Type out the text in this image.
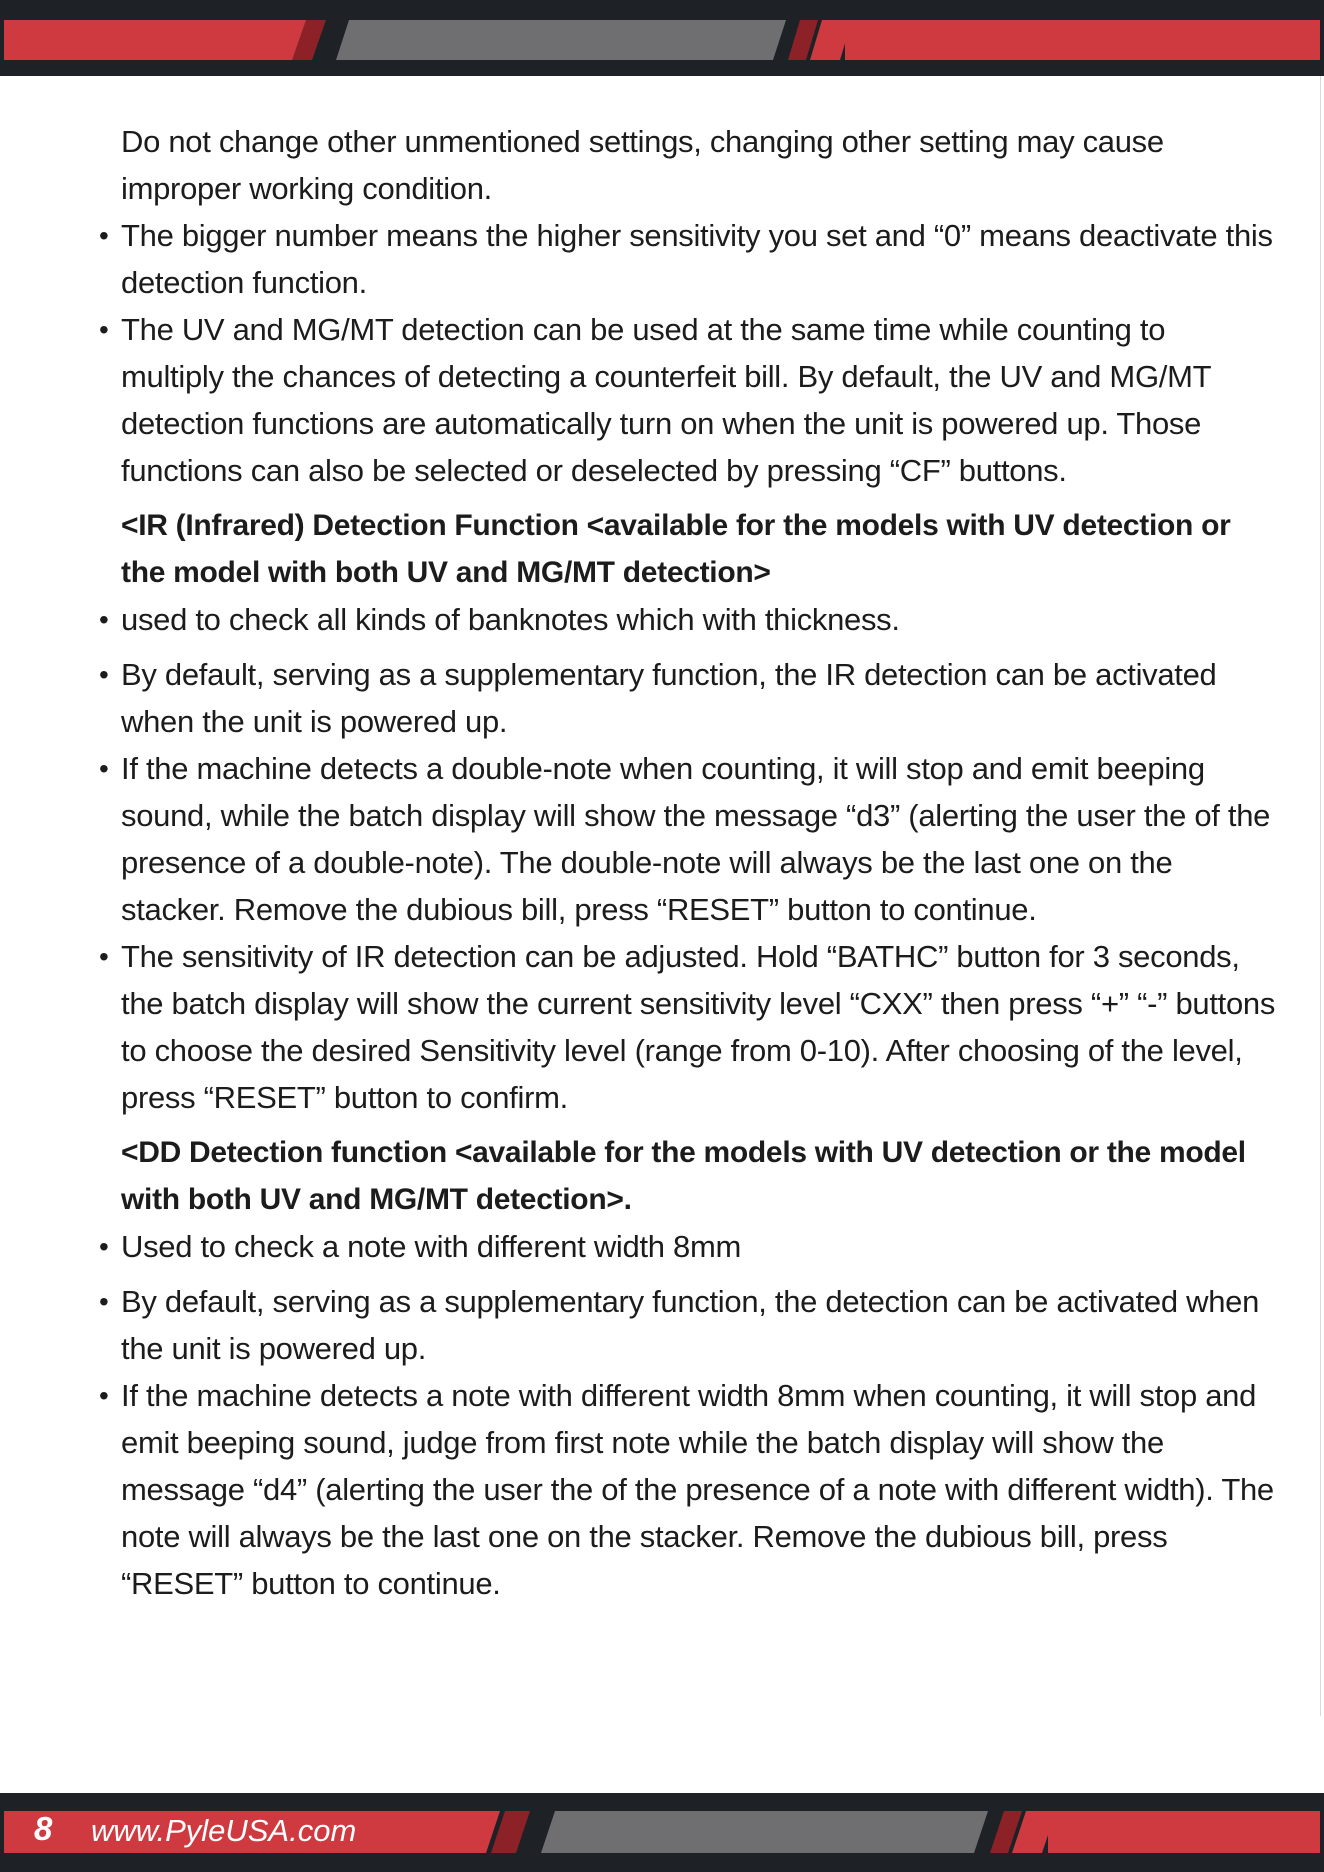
Do not change other unmentioned settings, changing other setting may cause improper working condition.

• The bigger number means the higher sensitivity you set and “0” means deactivate this detection function.

• The UV and MG/MT detection can be used at the same time while counting to multiply the chances of detecting a counterfeit bill. By default, the UV and MG/MT detection functions are automatically turn on when the unit is powered up. Those functions can also be selected or deselected by pressing “CF” buttons.

<IR (Infrared) Detection Function <available for the models with UV detection or the model with both UV and MG/MT detection>

• used to check all kinds of banknotes which with thickness.

• By default, serving as a supplementary function, the IR detection can be activated when the unit is powered up.

• If the machine detects a double-note when counting, it will stop and emit beeping sound, while the batch display will show the message “d3” (alerting the user the of the presence of a double-note). The double-note will always be the last one on the stacker. Remove the dubious bill, press “RESET” button to continue.

• The sensitivity of IR detection can be adjusted. Hold “BATHC” button for 3 seconds, the batch display will show the current sensitivity level “CXX” then press “+” “-” buttons to choose the desired Sensitivity level (range from 0-10). After choosing of the level, press “RESET” button to confirm.

<DD Detection function <available for the models with UV detection or the model with both UV and MG/MT detection>.

• Used to check a note with different width 8mm

• By default, serving as a supplementary function, the detection can be activated when the unit is powered up.

• If the machine detects a note with different width 8mm when counting, it will stop and emit beeping sound, judge from first note while the batch display will show the message “d4” (alerting the user the of the presence of a note with different width). The note will always be the last one on the stacker. Remove the dubious bill, press “RESET” button to continue.

8 www.PyleUSA.com
